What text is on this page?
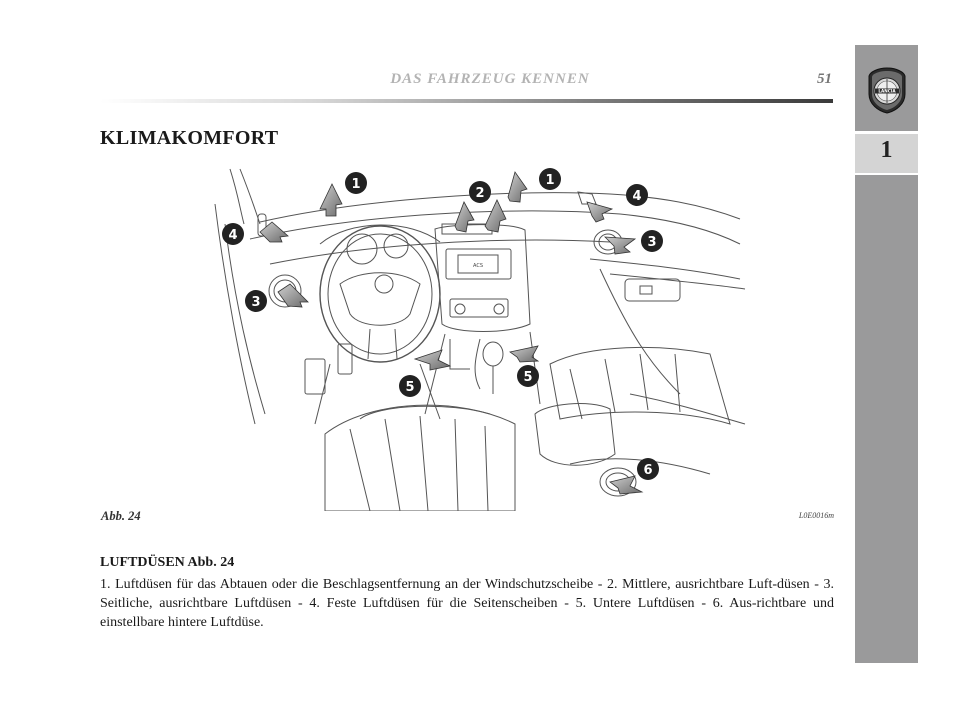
DAS FAHRZEUG KENNEN	51
1
LANCIA
KLIMAKOMFORT
ACS
1	1
2
3
3
4
4
5
5
6
Abb. 24	L0E0016m
LUFTDÜSEN Abb. 24
1. Luftdüsen für das Abtauen oder die Beschlagsentfernung an der Windschutzscheibe - 2. Mittlere, ausrichtbare Luft-düsen - 3. Seitliche, ausrichtbare Luftdüsen - 4. Feste Luftdüsen für die Seitenscheiben - 5. Untere Luftdüsen - 6. Aus-richtbare und einstellbare hintere Luftdüse.
